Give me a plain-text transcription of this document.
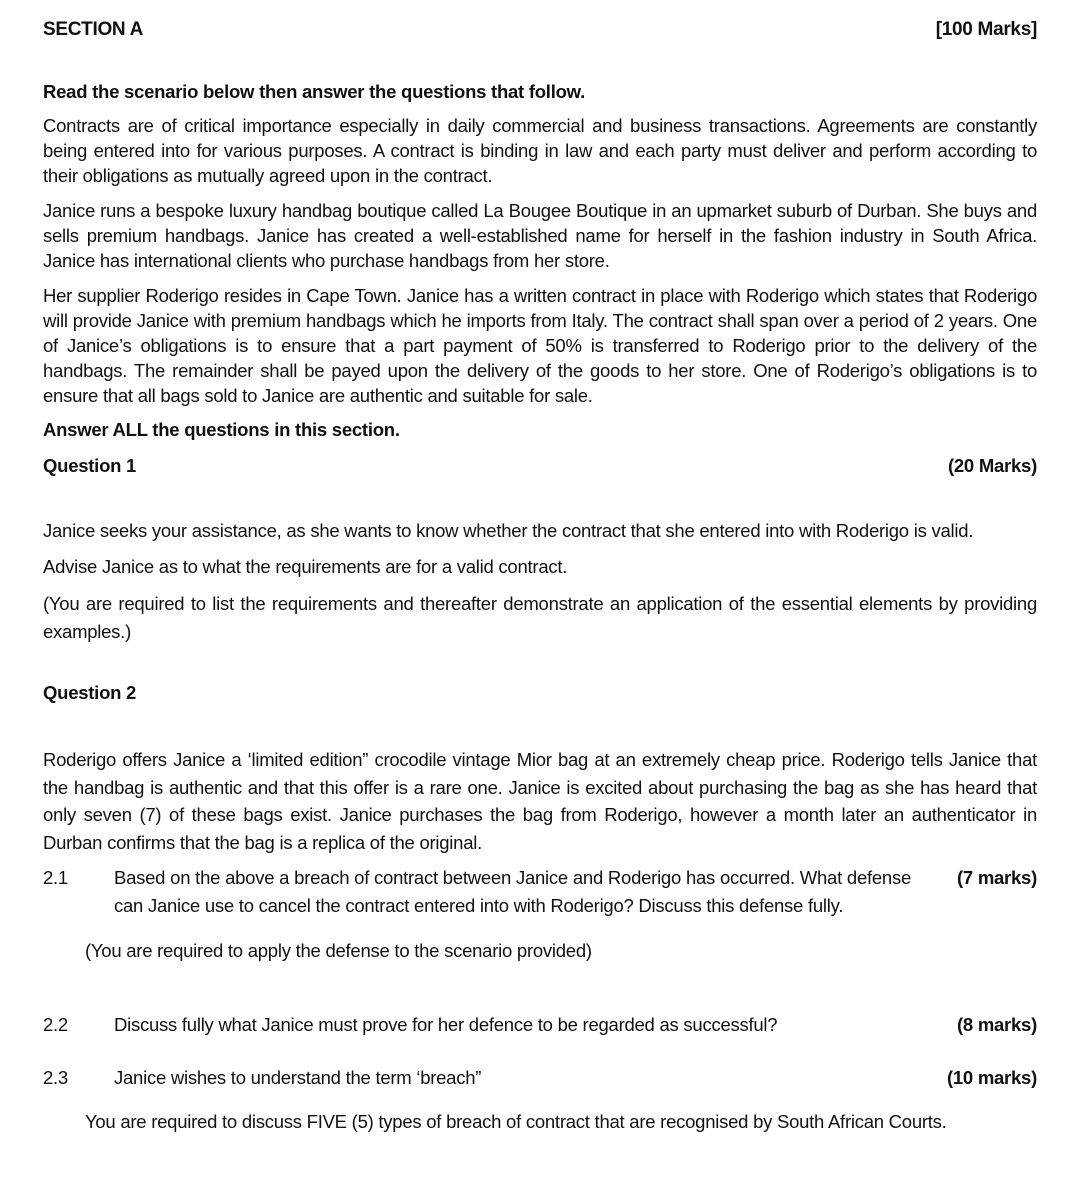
SECTION A	[100 Marks]

Read the scenario below then answer the questions that follow.

Contracts are of critical importance especially in daily commercial and business transactions. Agreements are constantly being entered into for various purposes. A contract is binding in law and each party must deliver and perform according to their obligations as mutually agreed upon in the contract.

Janice runs a bespoke luxury handbag boutique called La Bougee Boutique in an upmarket suburb of Durban. She buys and sells premium handbags. Janice has created a well-established name for herself in the fashion industry in South Africa. Janice has international clients who purchase handbags from her store.

Her supplier Roderigo resides in Cape Town. Janice has a written contract in place with Roderigo which states that Roderigo will provide Janice with premium handbags which he imports from Italy. The contract shall span over a period of 2 years. One of Janice’s obligations is to ensure that a part payment of 50% is transferred to Roderigo prior to the delivery of the handbags. The remainder shall be payed upon the delivery of the goods to her store. One of Roderigo’s obligations is to ensure that all bags sold to Janice are authentic and suitable for sale.

Answer ALL the questions in this section.

Question 1	(20 Marks)

Janice seeks your assistance, as she wants to know whether the contract that she entered into with Roderigo is valid.

Advise Janice as to what the requirements are for a valid contract.

(You are required to list the requirements and thereafter demonstrate an application of the essential elements by providing examples.)

Question 2

Roderigo offers Janice a ‘limited edition” crocodile vintage Mior bag at an extremely cheap price. Roderigo tells Janice that the handbag is authentic and that this offer is a rare one. Janice is excited about purchasing the bag as she has heard that only seven (7) of these bags exist. Janice purchases the bag from Roderigo, however a month later an authenticator in Durban confirms that the bag is a replica of the original.

2.1	Based on the above a breach of contract between Janice and Roderigo has occurred. What defense can Janice use to cancel the contract entered into with Roderigo? Discuss this defense fully.
(7 marks)

(You are required to apply the defense to the scenario provided)

2.2	Discuss fully what Janice must prove for her defence to be regarded as successful?	(8 marks)
2.3	Janice wishes to understand the term ‘breach”	(10 marks)

You are required to discuss FIVE (5) types of breach of contract that are recognised by South African Courts.
